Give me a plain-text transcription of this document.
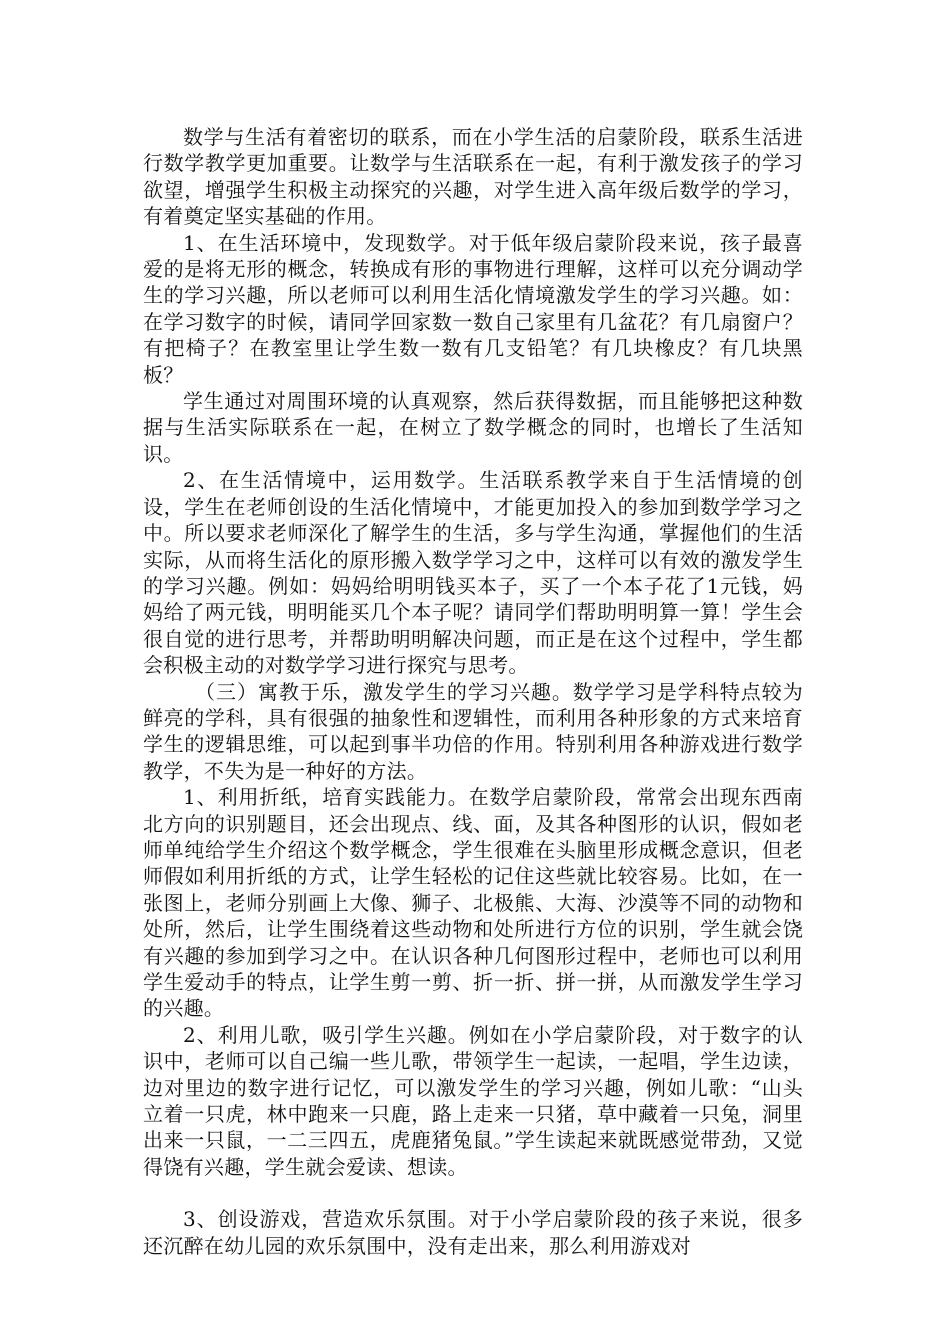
数学与生活有着密切的联系，而在小学生活的启蒙阶段，联系生活进行数学教学更加重要。让数学与生活联系在一起，有利于激发孩子的学习欲望，增强学生积极主动探究的兴趣，对学生进入高年级后数学的学习，有着奠定坚实基础的作用。

1、在生活环境中，发现数学。对于低年级启蒙阶段来说，孩子最喜爱的是将无形的概念，转换成有形的事物进行理解，这样可以充分调动学生的学习兴趣，所以老师可以利用生活化情境激发学生的学习兴趣。如：在学习数字的时候，请同学回家数一数自己家里有几盆花？有几扇窗户？有把椅子？在教室里让学生数一数有几支铅笔？有几块橡皮？有几块黑板？

学生通过对周围环境的认真观察，然后获得数据，而且能够把这种数据与生活实际联系在一起，在树立了数学概念的同时，也增长了生活知识。

2、在生活情境中，运用数学。生活联系教学来自于生活情境的创设，学生在老师创设的生活化情境中，才能更加投入的参加到数学学习之中。所以要求老师深化了解学生的生活，多与学生沟通，掌握他们的生活实际，从而将生活化的原形搬入数学学习之中，这样可以有效的激发学生的学习兴趣。例如：妈妈给明明钱买本子，买了一个本子花了1元钱，妈妈给了两元钱，明明能买几个本子呢？请同学们帮助明明算一算！学生会很自觉的进行思考，并帮助明明解决问题，而正是在这个过程中，学生都会积极主动的对数学学习进行探究与思考。

（三）寓教于乐，激发学生的学习兴趣。数学学习是学科特点较为鲜亮的学科，具有很强的抽象性和逻辑性，而利用各种形象的方式来培育学生的逻辑思维，可以起到事半功倍的作用。特别利用各种游戏进行数学教学，不失为是一种好的方法。

1、利用折纸，培育实践能力。在数学启蒙阶段，常常会出现东西南北方向的识别题目，还会出现点、线、面，及其各种图形的认识，假如老师单纯给学生介绍这个数学概念，学生很难在头脑里形成概念意识，但老师假如利用折纸的方式，让学生轻松的记住这些就比较容易。比如，在一张图上，老师分别画上大像、狮子、北极熊、大海、沙漠等不同的动物和处所，然后，让学生围绕着这些动物和处所进行方位的识别，学生就会饶有兴趣的参加到学习之中。在认识各种几何图形过程中，老师也可以利用学生爱动手的特点，让学生剪一剪、折一折、拼一拼，从而激发学生学习的兴趣。

2、利用儿歌，吸引学生兴趣。例如在小学启蒙阶段，对于数字的认识中，老师可以自己编一些儿歌，带领学生一起读，一起唱，学生边读，边对里边的数字进行记忆，可以激发学生的学习兴趣，例如儿歌：“山头立着一只虎，林中跑来一只鹿，路上走来一只猪，草中藏着一只兔，洞里出来一只鼠，一二三四五，虎鹿猪兔鼠。”学生读起来就既感觉带劲，又觉得饶有兴趣，学生就会爱读、想读。

3、创设游戏，营造欢乐氛围。对于小学启蒙阶段的孩子来说，很多还沉醉在幼儿园的欢乐氛围中，没有走出来，那么利用游戏对
